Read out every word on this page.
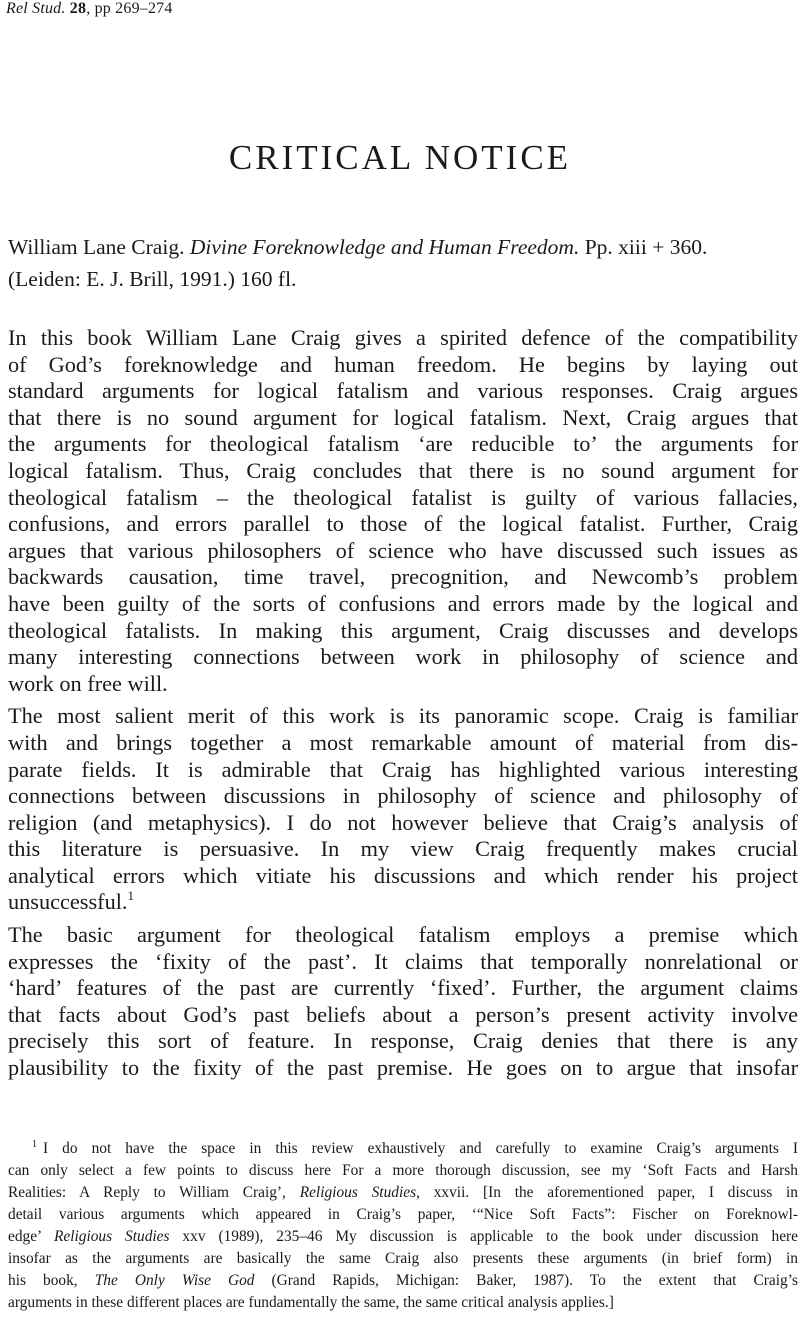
Rel Stud. 28, pp 269–274
CRITICAL NOTICE
William Lane Craig. Divine Foreknowledge and Human Freedom. Pp. xiii + 360.
(Leiden: E. J. Brill, 1991.) 160 fl.
In this book William Lane Craig gives a spirited defence of the compatibility
of God’s foreknowledge and human freedom. He begins by laying out
standard arguments for logical fatalism and various responses. Craig argues
that there is no sound argument for logical fatalism. Next, Craig argues that
the arguments for theological fatalism ‘are reducible to’ the arguments for
logical fatalism. Thus, Craig concludes that there is no sound argument for
theological fatalism – the theological fatalist is guilty of various fallacies,
confusions, and errors parallel to those of the logical fatalist. Further, Craig
argues that various philosophers of science who have discussed such issues as
backwards causation, time travel, precognition, and Newcomb’s problem
have been guilty of the sorts of confusions and errors made by the logical and
theological fatalists. In making this argument, Craig discusses and develops
many interesting connections between work in philosophy of science and
work on free will.
The most salient merit of this work is its panoramic scope. Craig is familiar
with and brings together a most remarkable amount of material from dis-
parate fields. It is admirable that Craig has highlighted various interesting
connections between discussions in philosophy of science and philosophy of
religion (and metaphysics). I do not however believe that Craig’s analysis of
this literature is persuasive. In my view Craig frequently makes crucial
analytical errors which vitiate his discussions and which render his project
unsuccessful.$^1$
The basic argument for theological fatalism employs a premise which
expresses the ‘fixity of the past’. It claims that temporally nonrelational or
‘hard’ features of the past are currently ‘fixed’. Further, the argument claims
that facts about God’s past beliefs about a person’s present activity involve
precisely this sort of feature. In response, Craig denies that there is any
plausibility to the fixity of the past premise. He goes on to argue that insofar
$^1$ I do not have the space in this review exhaustively and carefully to examine Craig’s arguments I
can only select a few points to discuss here For a more thorough discussion, see my ‘Soft Facts and Harsh
Realities: A Reply to William Craig’, Religious Studies, xxvii. [In the aforementioned paper, I discuss in
detail various arguments which appeared in Craig’s paper, ‘“Nice Soft Facts”: Fischer on Foreknowl-
edge’ Religious Studies xxv (1989), 235–46 My discussion is applicable to the book under discussion here
insofar as the arguments are basically the same Craig also presents these arguments (in brief form) in
his book, The Only Wise God (Grand Rapids, Michigan: Baker, 1987). To the extent that Craig’s
arguments in these different places are fundamentally the same, the same critical analysis applies.]
